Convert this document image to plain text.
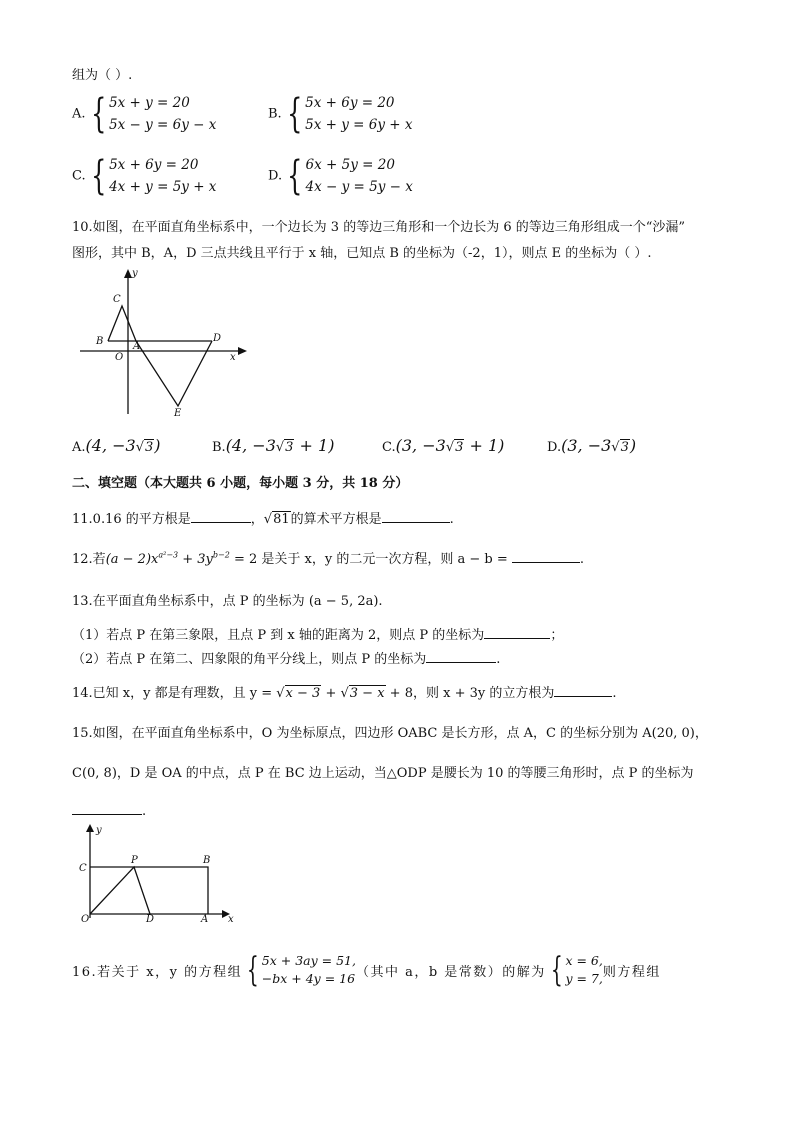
组为（ ）.
A. { 5x + y = 20
5x − y = 6y − x
B. { 5x + 6y = 20
5x + y = 6y + x
C. { 5x + 6y = 20
4x + y = 5y + x
D. { 6x + 5y = 20
4x − y = 5y − x
10.如图，在平面直角坐标系中，一个边长为 3 的等边三角形和一个边长为 6 的等边三角形组成一个“沙漏”
图形，其中 B，A，D 三点共线且平行于 x 轴，已知点 B 的坐标为（-2，1），则点 E 的坐标为（ ）.
y
x
C
B
O
A
D
E
A.(4, −3√3)	B.(4, −3√3 + 1)	C.(3, −3√3 + 1)	D.(3, −3√3)
二、填空题（本大题共 6 小题，每小题 3 分，共 18 分）
11.0.16 的平方根是	，√81的算术平方根是	.
12.若$(a - 2)x^{a^2-3} + 3y^{b-2} = 2$ 是关于 x，y 的二元一次方程，则 a − b =	.
13.在平面直角坐标系中，点 P 的坐标为 (a − 5, 2a).
（1）若点 P 在第三象限，且点 P 到 x 轴的距离为 2，则点 P 的坐标为	；
（2）若点 P 在第二、四象限的角平分线上，则点 P 的坐标为	.
14.已知 x，y 都是有理数，且 y = √x − 3 + √3 − x + 8，则 x + 3y 的立方根为	.
15.如图，在平面直角坐标系中，O 为坐标原点，四边形 OABC 是长方形，点 A，C 的坐标分别为 A(20, 0)，
C(0, 8)，D 是 OA 的中点，点 P 在 BC 边上运动，当△ODP 是腰长为 10 的等腰三角形时，点 P 的坐标为
.
y
x
C
P	B
O	D	A
16.若关于 x，y 的方程组 { 5x + 3ay = 51,
−bx + 4y = 16 （其中 a，b 是常数）的解为 { x = 6,
y = 7, 则方程组
